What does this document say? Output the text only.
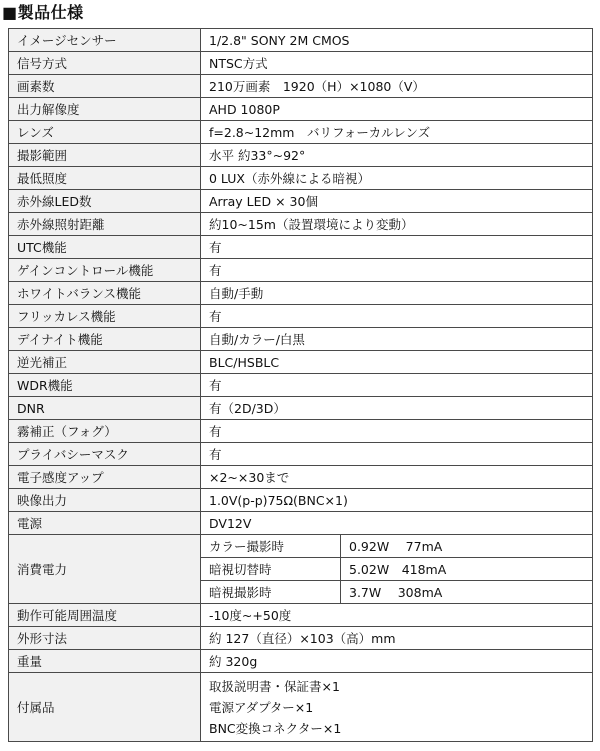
■製品仕様
イメージセンサー	1/2.8" SONY 2M CMOS	
信号方式	NTSC方式	
画素数	210万画素　1920（H）×1080（V）	
出力解像度	AHD 1080P	
レンズ	f=2.8~12mm　バリフォーカルレンズ	
撮影範囲	水平 約33°~92°	
最低照度	0 LUX（赤外線による暗視）	
赤外線LED数	Array LED × 30個	
赤外線照射距離	約10~15m（設置環境により変動）	
UTC機能	有	
ゲインコントロール機能	有	
ホワイトバランス機能	自動/手動	
フリッカレス機能	有	
デイナイト機能	自動/カラー/白黒	
逆光補正	BLC/HSBLC	
WDR機能	有	
DNR	有（2D/3D）	
霧補正（フォグ）	有	
プライバシーマスク	有	
電子感度アップ	×2~×30まで	
映像出力	1.0V(p-p)75Ω(BNC×1)	
電源	DV12V	
消費電力	カラー撮影時	0.92W　 77mA
	暗視切替時	5.02W　418mA
	暗視撮影時	3.7W　 308mA
動作可能周囲温度	-10度~+50度	
外形寸法	約 127（直径）×103（高）mm	
重量	約 320g	
付属品	取扱説明書・保証書×1
電源アダプター×1
BNC変換コネクター×1	
